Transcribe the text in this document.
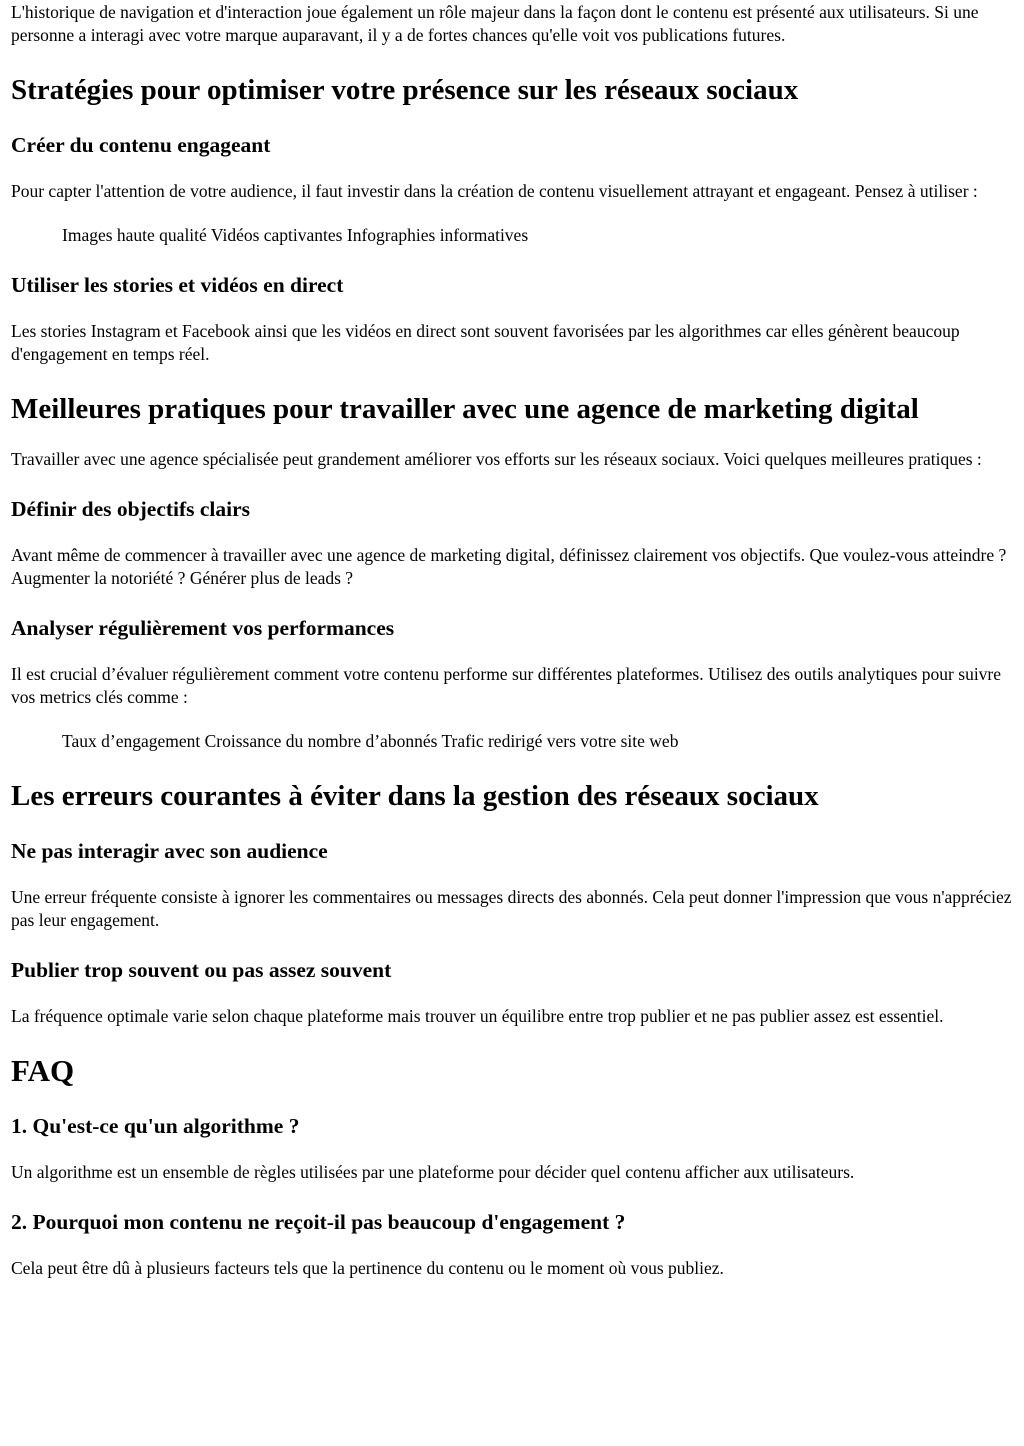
L'historique de navigation et d'interaction joue également un rôle majeur dans la façon dont le contenu est présenté aux utilisateurs. Si une personne a interagi avec votre marque auparavant, il y a de fortes chances qu'elle voit vos publications futures.

Stratégies pour optimiser votre présence sur les réseaux sociaux
Créer du contenu engageant

Pour capter l'attention de votre audience, il faut investir dans la création de contenu visuellement attrayant et engageant. Pensez à utiliser :

Images haute qualité Vidéos captivantes Infographies informatives

Utiliser les stories et vidéos en direct

Les stories Instagram et Facebook ainsi que les vidéos en direct sont souvent favorisées par les algorithmes car elles génèrent beaucoup d'engagement en temps réel.

Meilleures pratiques pour travailler avec une agence de marketing digital

Travailler avec une agence spécialisée peut grandement améliorer vos efforts sur les réseaux sociaux. Voici quelques meilleures pratiques :

Définir des objectifs clairs

Avant même de commencer à travailler avec une agence de marketing digital, définissez clairement vos objectifs. Que voulez-vous atteindre ? Augmenter la notoriété ? Générer plus de leads ?

Analyser régulièrement vos performances

Il est crucial d’évaluer régulièrement comment votre contenu performe sur différentes plateformes. Utilisez des outils analytiques pour suivre vos metrics clés comme :

Taux d’engagement Croissance du nombre d’abonnés Trafic redirigé vers votre site web

Les erreurs courantes à éviter dans la gestion des réseaux sociaux
Ne pas interagir avec son audience

Une erreur fréquente consiste à ignorer les commentaires ou messages directs des abonnés. Cela peut donner l'impression que vous n'appréciez pas leur engagement.

Publier trop souvent ou pas assez souvent

La fréquence optimale varie selon chaque plateforme mais trouver un équilibre entre trop publier et ne pas publier assez est essentiel.

FAQ
1. Qu'est-ce qu'un algorithme ?

Un algorithme est un ensemble de règles utilisées par une plateforme pour décider quel contenu afficher aux utilisateurs.

2. Pourquoi mon contenu ne reçoit-il pas beaucoup d'engagement ?

Cela peut être dû à plusieurs facteurs tels que la pertinence du contenu ou le moment où vous publiez.
